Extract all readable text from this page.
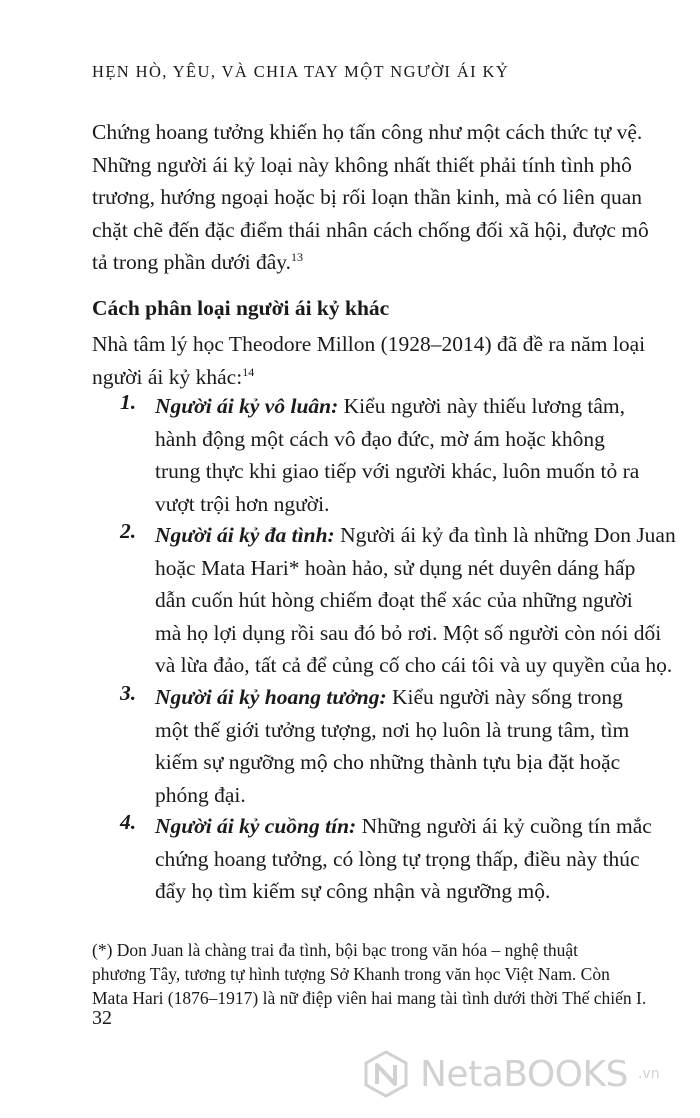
HẸN HÒ, YÊU, VÀ CHIA TAY MỘT NGƯỜI ÁI KỶ

Chứng hoang tưởng khiến họ tấn công như một cách thức tự vệ.
Những người ái kỷ loại này không nhất thiết phải tính tình phô
trương, hướng ngoại hoặc bị rối loạn thần kinh, mà có liên quan
chặt chẽ đến đặc điểm thái nhân cách chống đối xã hội, được mô
tả trong phần dưới đây.$^{13}$

Cách phân loại người ái kỷ khác

Nhà tâm lý học Theodore Millon (1928–2014) đã đề ra năm loại
người ái kỷ khác:$^{14}$

1. Người ái kỷ vô luân: Kiểu người này thiếu lương tâm,
hành động một cách vô đạo đức, mờ ám hoặc không
trung thực khi giao tiếp với người khác, luôn muốn tỏ ra
vượt trội hơn người.
2. Người ái kỷ đa tình: Người ái kỷ đa tình là những Don Juan
hoặc Mata Hari* hoàn hảo, sử dụng nét duyên dáng hấp
dẫn cuốn hút hòng chiếm đoạt thể xác của những người
mà họ lợi dụng rồi sau đó bỏ rơi. Một số người còn nói dối
và lừa đảo, tất cả để củng cố cho cái tôi và uy quyền của họ.
3. Người ái kỷ hoang tưởng: Kiểu người này sống trong
một thế giới tưởng tượng, nơi họ luôn là trung tâm, tìm
kiếm sự ngưỡng mộ cho những thành tựu bịa đặt hoặc
phóng đại.
4. Người ái kỷ cuồng tín: Những người ái kỷ cuồng tín mắc
chứng hoang tưởng, có lòng tự trọng thấp, điều này thúc
đẩy họ tìm kiếm sự công nhận và ngưỡng mộ.
(*) Don Juan là chàng trai đa tình, bội bạc trong văn hóa – nghệ thuật
phương Tây, tương tự hình tượng Sở Khanh trong văn học Việt Nam. Còn
Mata Hari (1876–1917) là nữ điệp viên hai mang tài tình dưới thời Thế chiến I.
32
NetaBOOKS .vn
